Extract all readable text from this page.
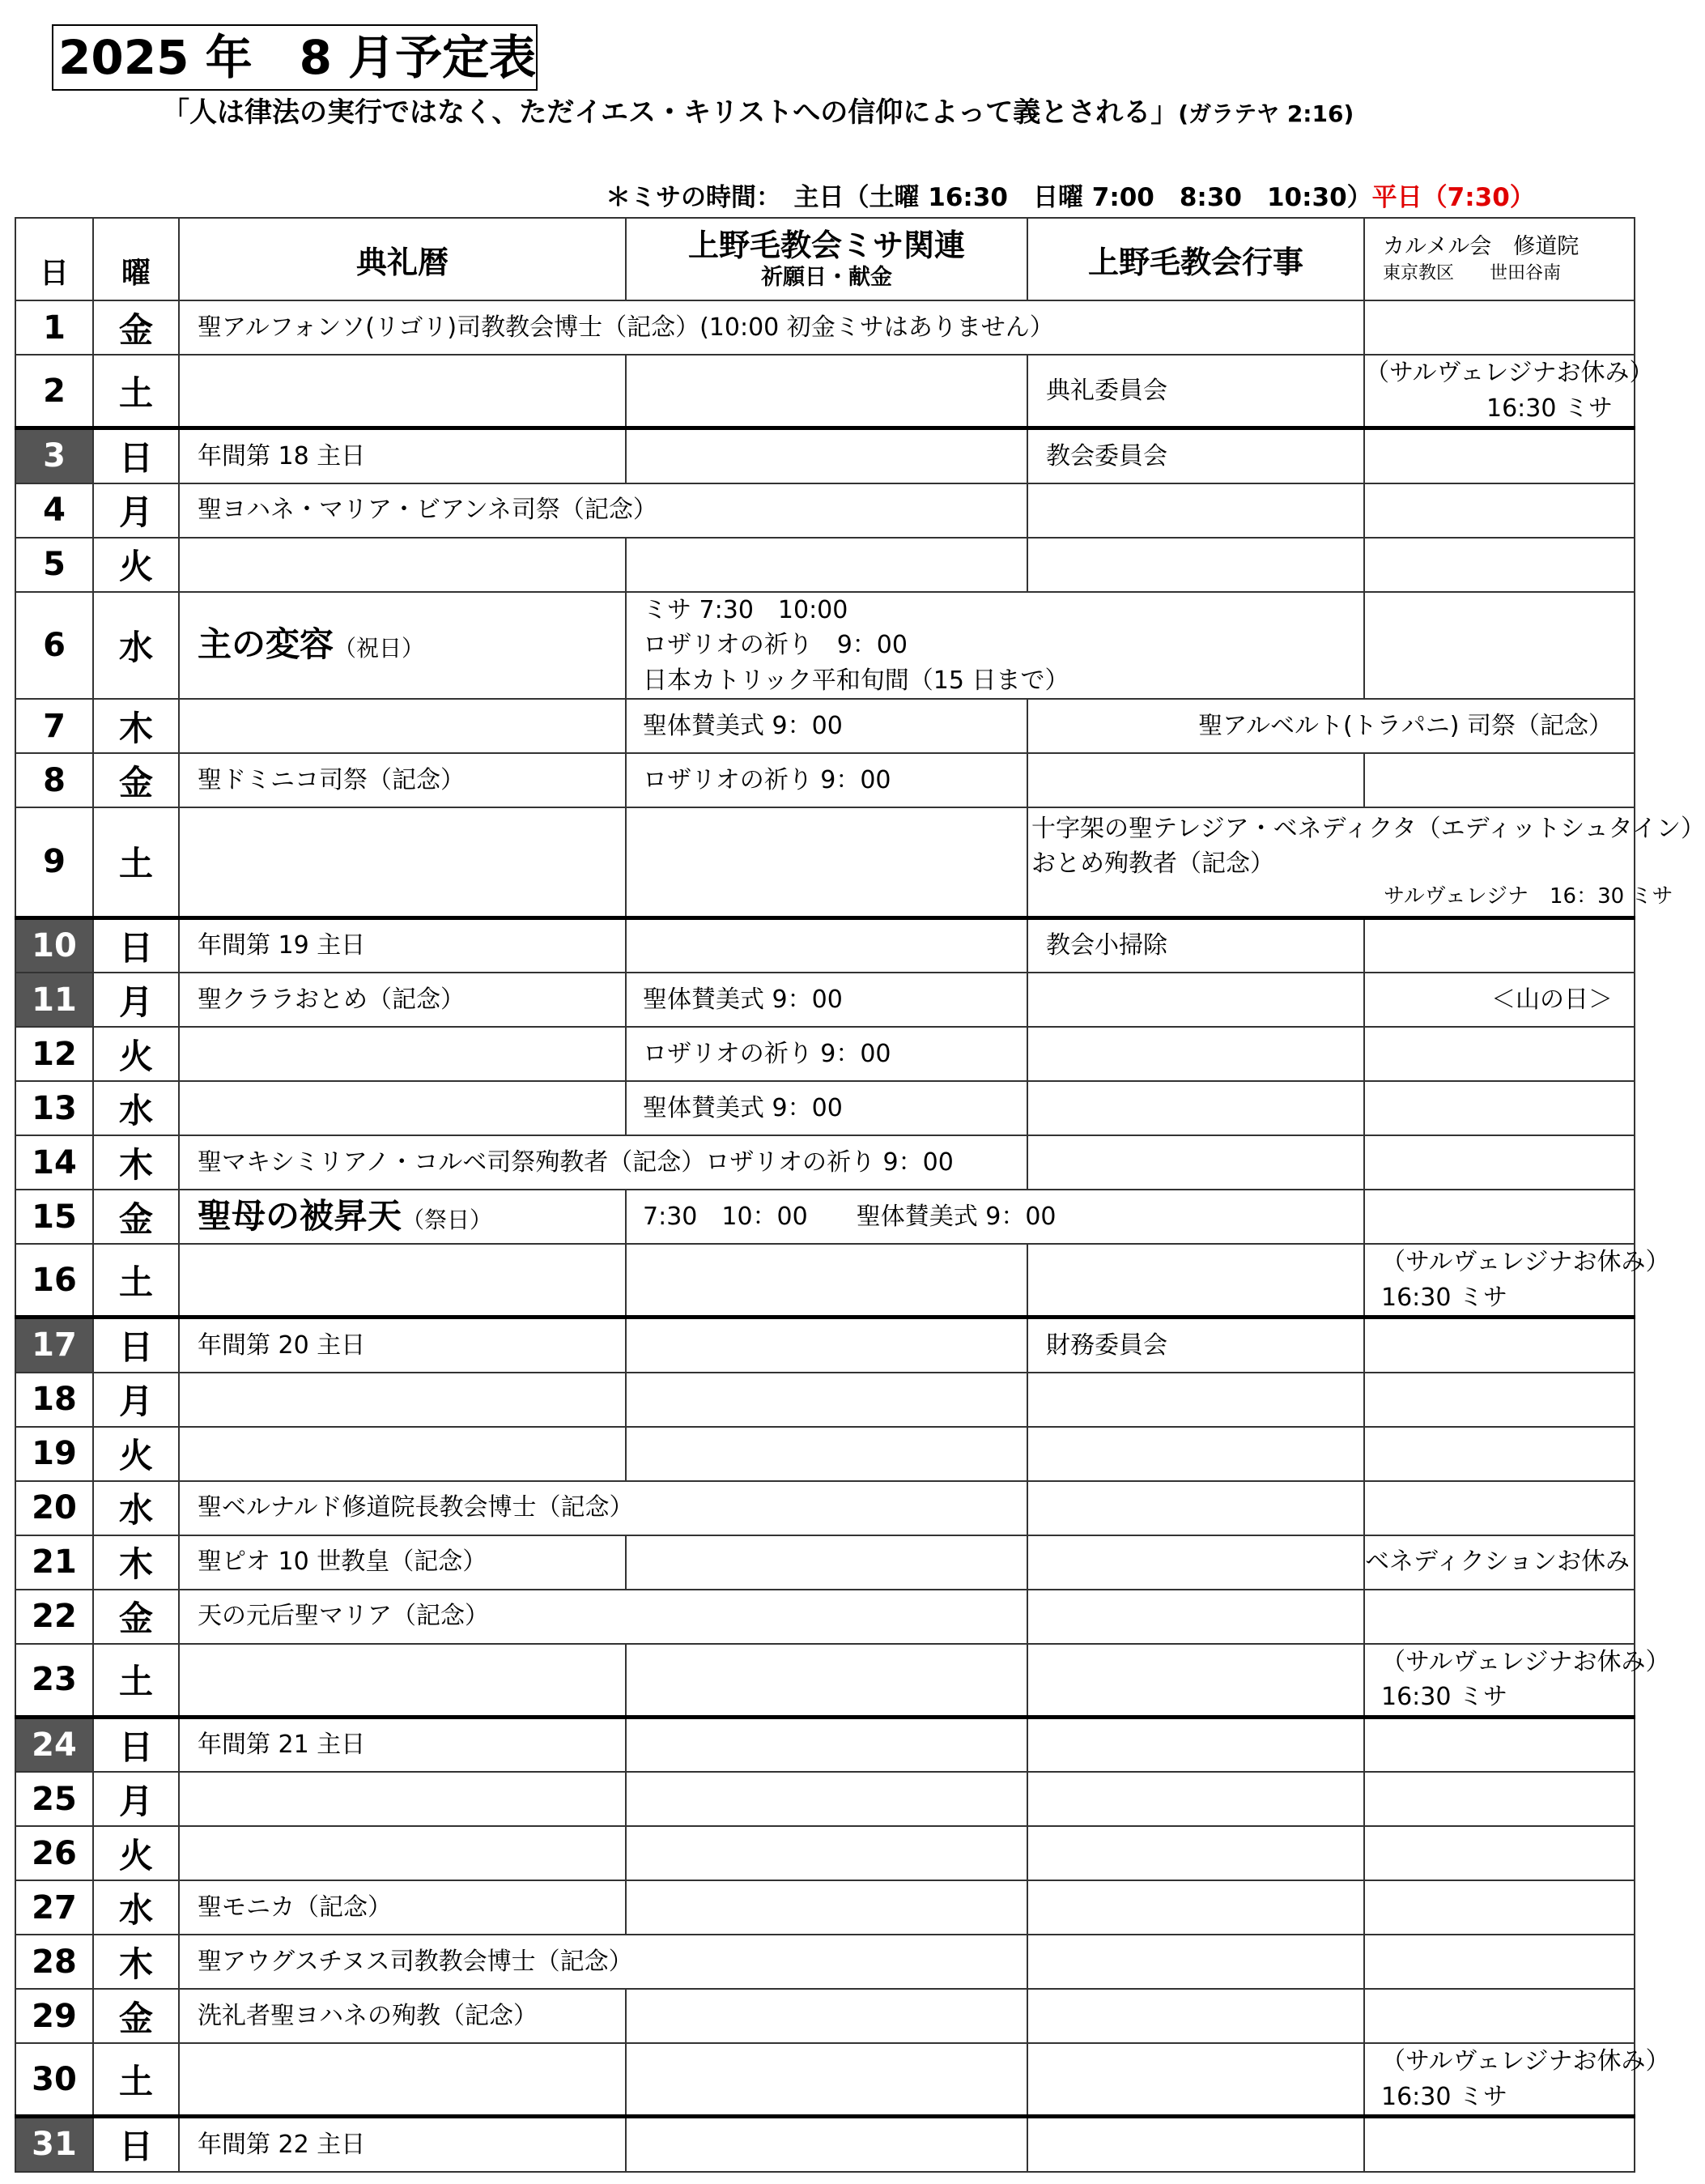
2025 年　8 月予定表
「人は律法の実行ではなく、ただイエス・キリストへの信仰によって義とされる」(ガラテヤ 2:16)
＊ミサの時間：　主日（土曜 16:30　日曜 7:00　8:30　10:30）平日（7:30）
日	曜	典礼暦	上野毛教会ミサ関連
祈願日・献金	上野毛教会行事	カルメル会　修道院
東京教区　　世田谷南

1	金	聖アルフォンソ(リゴリ)司教教会博士（記念）(10:00 初金ミサはありません）			
2	土			典礼委員会	（サルヴェレジナお休み）
16:30 ミサ

3	日	年間第 18 主日		教会委員会	
4	月	聖ヨハネ・マリア・ビアンネ司祭（記念）			
5	火				
6	水	主の変容（祝日）	ミサ 7:30　10:00
ロザリオの祈り　9：00
日本カトリック平和旬間（15 日まで）		

7	木		聖体賛美式 9：00	聖アルベルト(トラパニ) 司祭（記念）	
8	金	聖ドミニコ司祭（記念）	ロザリオの祈り 9：00		
9	土			十字架の聖テレジア・ベネディクタ（エディットシュタイン）
おとめ殉教者（記念）
サルヴェレジナ　16：30 ミサ	

10	日	年間第 19 主日		教会小掃除	
11	月	聖クララおとめ（記念）	聖体賛美式 9：00		＜山の日＞
12	火		ロザリオの祈り 9：00		
13	水		聖体賛美式 9：00		
14	木	聖マキシミリアノ・コルベ司祭殉教者（記念）ロザリオの祈り 9：00			
15	金	聖母の被昇天（祭日）	7:30　10：00　　聖体賛美式 9：00		
16	土				（サルヴェレジナお休み）
16:30 ミサ

17	日	年間第 20 主日		財務委員会	
18	月				
19	火				
20	水	聖ベルナルド修道院長教会博士（記念）			
21	木	聖ピオ 10 世教皇（記念）			ベネディクションお休み
22	金	天の元后聖マリア（記念）			
23	土				（サルヴェレジナお休み）
16:30 ミサ

24	日	年間第 21 主日			
25	月				
26	火				
27	水	聖モニカ（記念）			
28	木	聖アウグスチヌス司教教会博士（記念）			
29	金	洗礼者聖ヨハネの殉教（記念）			
30	土				（サルヴェレジナお休み）
16:30 ミサ

31	日	年間第 22 主日			
